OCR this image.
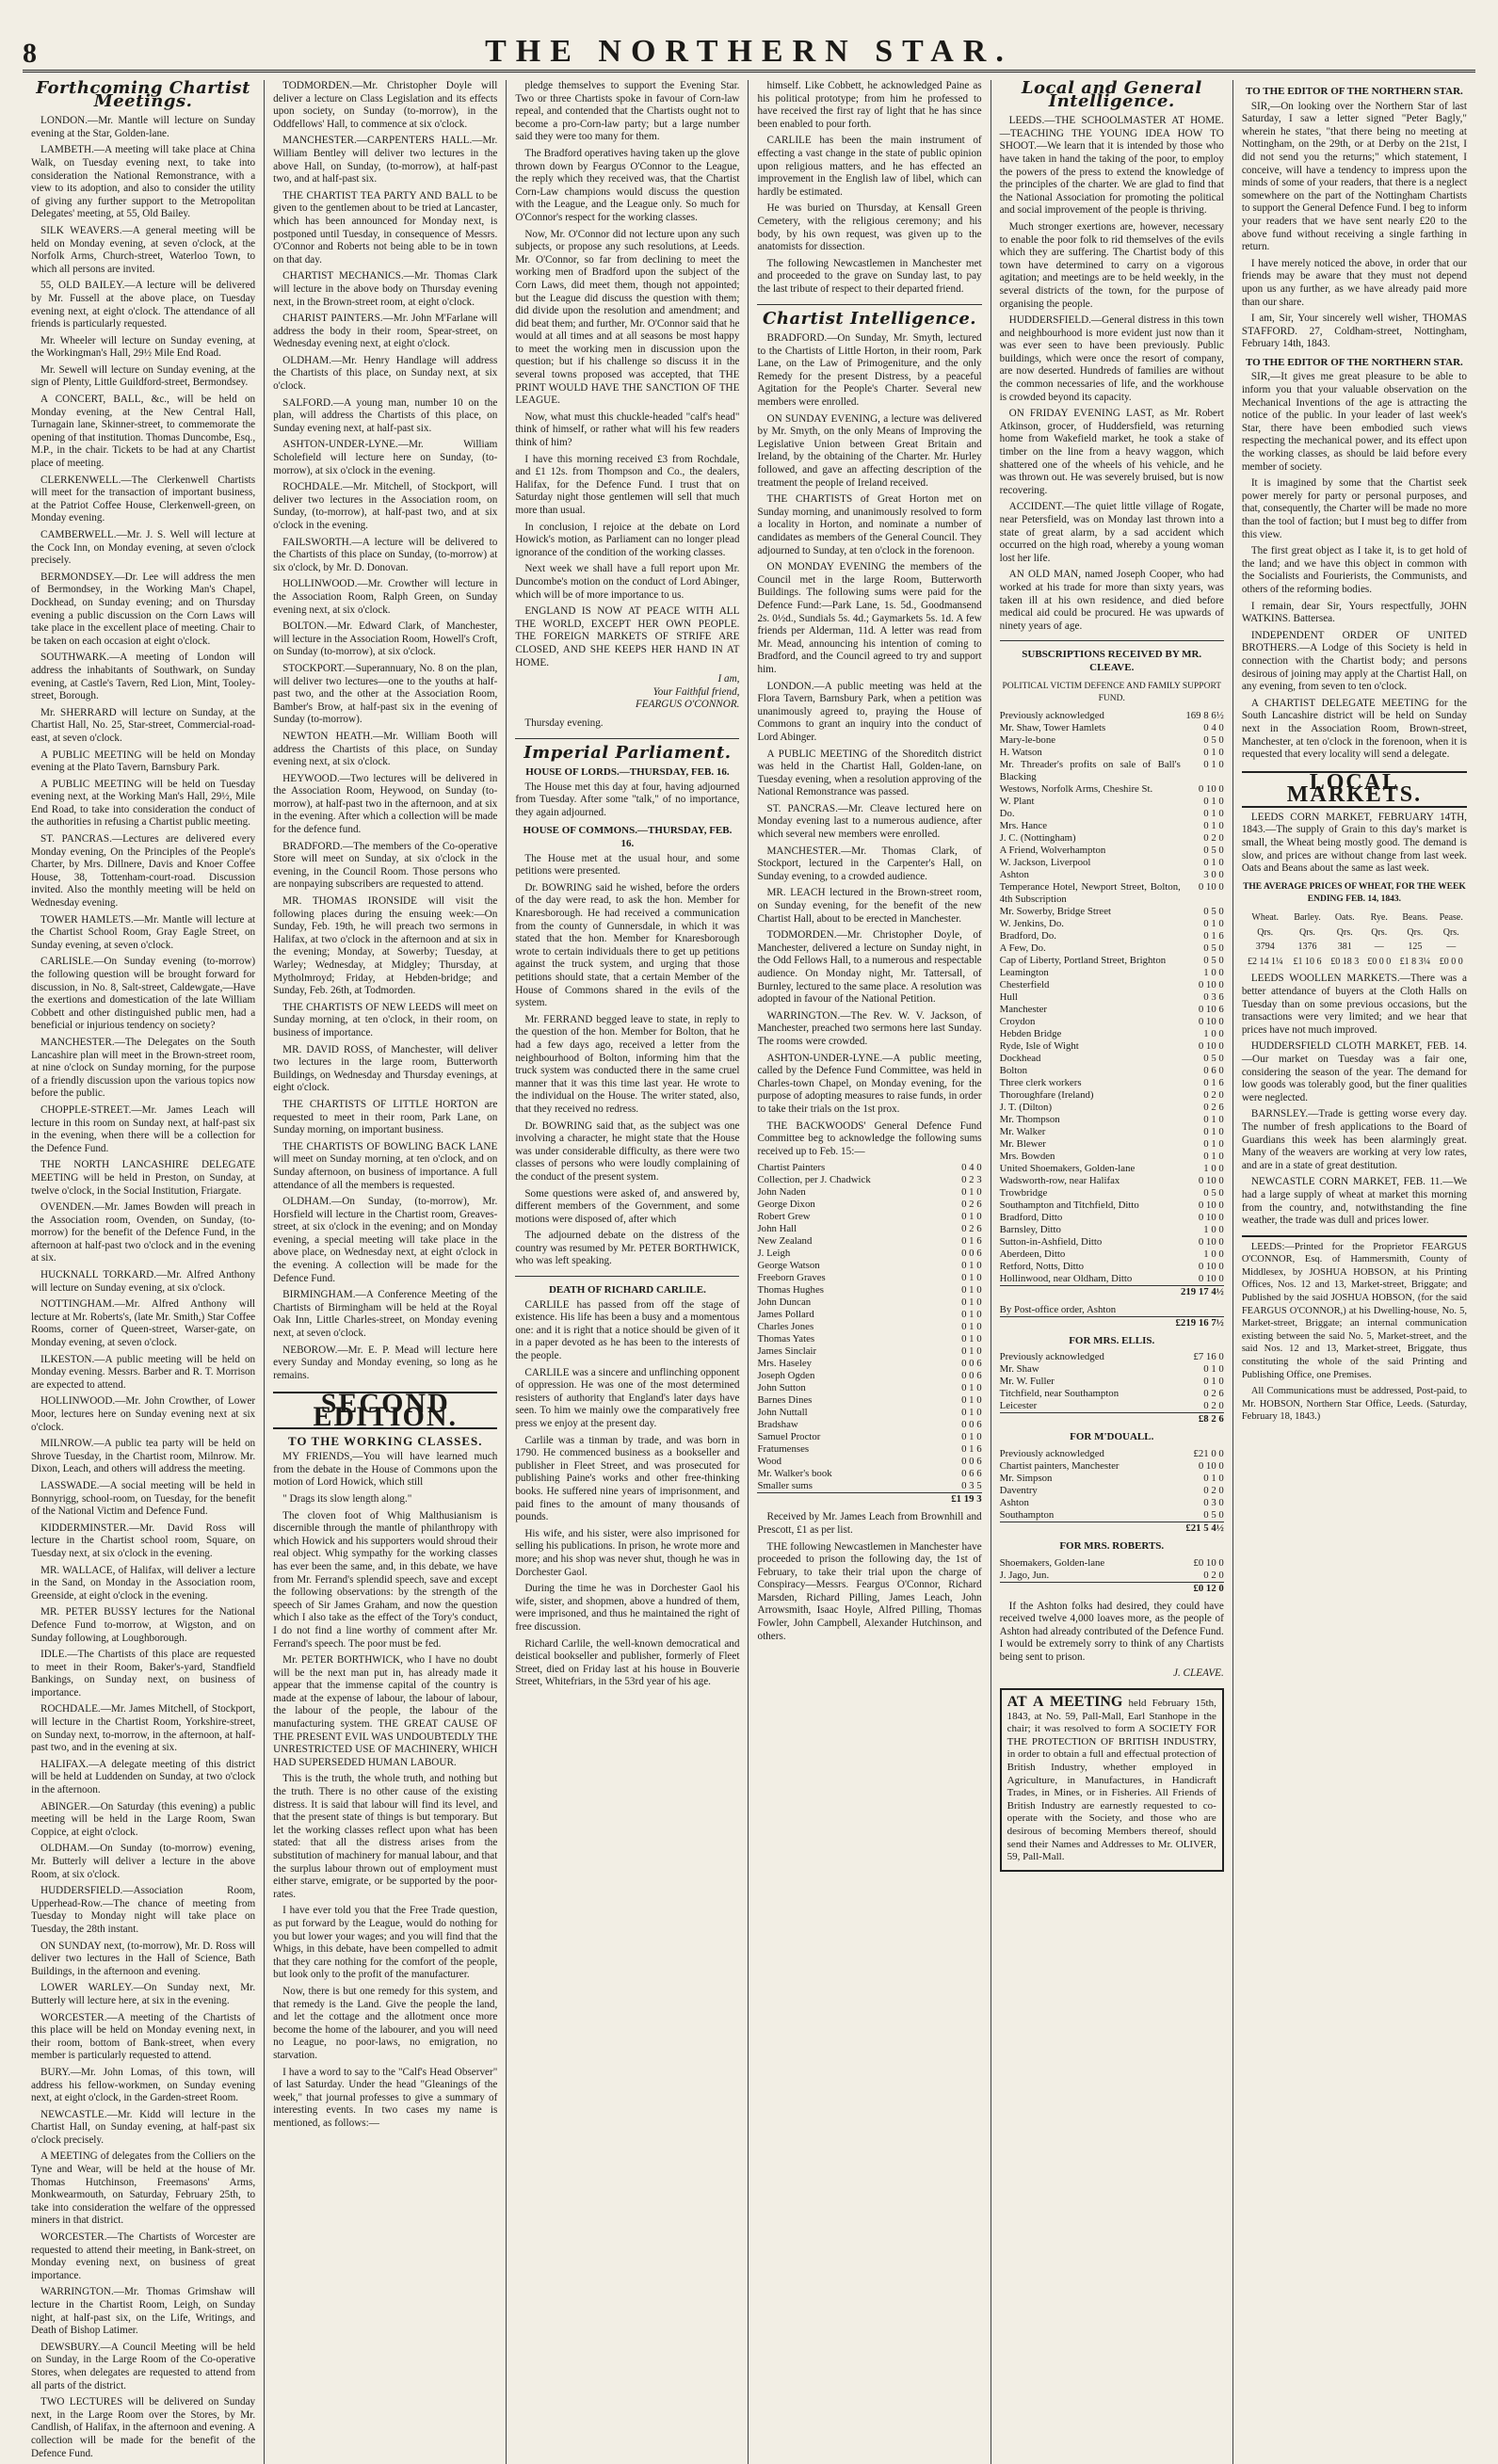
8	THE NORTHERN STAR.
Forthcoming Chartist Meetings.

LONDON.—Mr. Mantle will lecture on Sunday evening at the Star, Golden-lane.

LAMBETH.—A meeting will take place at China Walk, on Tuesday evening next, to take into consideration the National Remonstrance, with a view to its adoption, and also to consider the utility of giving any further support to the Metropolitan Delegates' meeting, at 55, Old Bailey.

SILK WEAVERS.—A general meeting will be held on Monday evening, at seven o'clock, at the Norfolk Arms, Church-street, Waterloo Town, to which all persons are invited.

55, OLD BAILEY.—A lecture will be delivered by Mr. Fussell at the above place, on Tuesday evening next, at eight o'clock. The attendance of all friends is particularly requested.

Mr. Wheeler will lecture on Sunday evening, at the Workingman's Hall, 29½ Mile End Road.

Mr. Sewell will lecture on Sunday evening, at the sign of Plenty, Little Guildford-street, Bermondsey.

A CONCERT, BALL, &c., will be held on Monday evening, at the New Central Hall, Turnagain lane, Skinner-street, to commemorate the opening of that institution. Thomas Duncombe, Esq., M.P., in the chair. Tickets to be had at any Chartist place of meeting.

CLERKENWELL.—The Clerkenwell Chartists will meet for the transaction of important business, at the Patriot Coffee House, Clerkenwell-green, on Monday evening.

CAMBERWELL.—Mr. J. S. Well will lecture at the Cock Inn, on Monday evening, at seven o'clock precisely.

BERMONDSEY.—Dr. Lee will address the men of Bermondsey, in the Working Man's Chapel, Dockhead, on Sunday evening; and on Thursday evening a public discussion on the Corn Laws will take place in the excellent place of meeting. Chair to be taken on each occasion at eight o'clock.

SOUTHWARK.—A meeting of London will address the inhabitants of Southwark, on Sunday evening, at Castle's Tavern, Red Lion, Mint, Tooley-street, Borough.

Mr. SHERRARD will lecture on Sunday, at the Chartist Hall, No. 25, Star-street, Commercial-road-east, at seven o'clock.

A PUBLIC MEETING will be held on Monday evening at the Plato Tavern, Barnsbury Park.

A PUBLIC MEETING will be held on Tuesday evening next, at the Working Man's Hall, 29½, Mile End Road, to take into consideration the conduct of the authorities in refusing a Chartist public meeting.

ST. PANCRAS.—Lectures are delivered every Monday evening, On the Principles of the People's Charter, by Mrs. Dillnere, Davis and Knoer Coffee House, 38, Tottenham-court-road. Discussion invited. Also the monthly meeting will be held on Wednesday evening.

TOWER HAMLETS.—Mr. Mantle will lecture at the Chartist School Room, Gray Eagle Street, on Sunday evening, at seven o'clock.

CARLISLE.—On Sunday evening (to-morrow) the following question will be brought forward for discussion, in No. 8, Salt-street, Caldewgate,—Have the exertions and domestication of the late William Cobbett and other distinguished public men, had a beneficial or injurious tendency on society?

MANCHESTER.—The Delegates on the South Lancashire plan will meet in the Brown-street room, at nine o'clock on Sunday morning, for the purpose of a friendly discussion upon the various topics now before the public.

CHOPPLE-STREET.—Mr. James Leach will lecture in this room on Sunday next, at half-past six in the evening, when there will be a collection for the Defence Fund.

THE NORTH LANCASHIRE DELEGATE MEETING will be held in Preston, on Sunday, at twelve o'clock, in the Social Institution, Friargate.

OVENDEN.—Mr. James Bowden will preach in the Association room, Ovenden, on Sunday, (to-morrow) for the benefit of the Defence Fund, in the afternoon at half-past two o'clock and in the evening at six.

HUCKNALL TORKARD.—Mr. Alfred Anthony will lecture on Sunday evening, at six o'clock.

NOTTINGHAM.—Mr. Alfred Anthony will lecture at Mr. Roberts's, (late Mr. Smith,) Star Coffee Rooms, corner of Queen-street, Warser-gate, on Monday evening, at seven o'clock.

ILKESTON.—A public meeting will be held on Monday evening. Messrs. Barber and R. T. Morrison are expected to attend.

HOLLINWOOD.—Mr. John Crowther, of Lower Moor, lectures here on Sunday evening next at six o'clock.

MILNROW.—A public tea party will be held on Shrove Tuesday, in the Chartist room, Milnrow. Mr. Dixon, Leach, and others will address the meeting.

LASSWADE.—A social meeting will be held in Bonnyrigg, school-room, on Tuesday, for the benefit of the National Victim and Defence Fund.

KIDDERMINSTER.—Mr. David Ross will lecture in the Chartist school room, Square, on Tuesday next, at six o'clock in the evening.

MR. WALLACE, of Halifax, will deliver a lecture in the Sand, on Monday in the Association room, Greenside, at eight o'clock in the evening.

MR. PETER BUSSY lectures for the National Defence Fund to-morrow, at Wigston, and on Sunday following, at Loughborough.

IDLE.—The Chartists of this place are requested to meet in their Room, Baker's-yard, Standfield Bankings, on Sunday next, on business of importance.

ROCHDALE.—Mr. James Mitchell, of Stockport, will lecture in the Chartist Room, Yorkshire-street, on Sunday next, to-morrow, in the afternoon, at half-past two, and in the evening at six.

HALIFAX.—A delegate meeting of this district will be held at Luddenden on Sunday, at two o'clock in the afternoon.

ABINGER.—On Saturday (this evening) a public meeting will be held in the Large Room, Swan Coppice, at eight o'clock.

OLDHAM.—On Sunday (to-morrow) evening, Mr. Butterly will deliver a lecture in the above Room, at six o'clock.

HUDDERSFIELD.—Association Room, Upperhead-Row.—The chance of meeting from Tuesday to Monday night will take place on Tuesday, the 28th instant.

ON SUNDAY next, (to-morrow), Mr. D. Ross will deliver two lectures in the Hall of Science, Bath Buildings, in the afternoon and evening.

LOWER WARLEY.—On Sunday next, Mr. Butterly will lecture here, at six in the evening.

WORCESTER.—A meeting of the Chartists of this place will be held on Monday evening next, in their room, bottom of Bank-street, when every member is particularly requested to attend.

BURY.—Mr. John Lomas, of this town, will address his fellow-workmen, on Sunday evening next, at eight o'clock, in the Garden-street Room.

NEWCASTLE.—Mr. Kidd will lecture in the Chartist Hall, on Sunday evening, at half-past six o'clock precisely.

A MEETING of delegates from the Colliers on the Tyne and Wear, will be held at the house of Mr. Thomas Hutchinson, Freemasons' Arms, Monkwearmouth, on Saturday, February 25th, to take into consideration the welfare of the oppressed miners in that district.

WORCESTER.—The Chartists of Worcester are requested to attend their meeting, in Bank-street, on Monday evening next, on business of great importance.

WARRINGTON.—Mr. Thomas Grimshaw will lecture in the Chartist Room, Leigh, on Sunday night, at half-past six, on the Life, Writings, and Death of Bishop Latimer.

DEWSBURY.—A Council Meeting will be held on Sunday, in the Large Room of the Co-operative Stores, when delegates are requested to attend from all parts of the district.

TWO LECTURES will be delivered on Sunday next, in the Large Room over the Stores, by Mr. Candlish, of Halifax, in the afternoon and evening. A collection will be made for the benefit of the Defence Fund.

TODMORDEN.—Mr. Christopher Doyle will deliver a lecture on Class Legislation and its effects upon society, on Sunday (to-morrow), in the Oddfellows' Hall, to commence at six o'clock.

MANCHESTER.—CARPENTERS HALL.—Mr. William Bentley will deliver two lectures in the above Hall, on Sunday, (to-morrow), at half-past two, and at half-past six.

THE CHARTIST TEA PARTY AND BALL to be given to the gentlemen about to be tried at Lancaster, which has been announced for Monday next, is postponed until Tuesday, in consequence of Messrs. O'Connor and Roberts not being able to be in town on that day.

CHARTIST MECHANICS.—Mr. Thomas Clark will lecture in the above body on Thursday evening next, in the Brown-street room, at eight o'clock.

CHARIST PAINTERS.—Mr. John M'Farlane will address the body in their room, Spear-street, on Wednesday evening next, at eight o'clock.

OLDHAM.—Mr. Henry Handlage will address the Chartists of this place, on Sunday next, at six o'clock.

SALFORD.—A young man, number 10 on the plan, will address the Chartists of this place, on Sunday evening next, at half-past six.

ASHTON-UNDER-LYNE.—Mr. William Scholefield will lecture here on Sunday, (to-morrow), at six o'clock in the evening.

ROCHDALE.—Mr. Mitchell, of Stockport, will deliver two lectures in the Association room, on Sunday, (to-morrow), at half-past two, and at six o'clock in the evening.

FAILSWORTH.—A lecture will be delivered to the Chartists of this place on Sunday, (to-morrow) at six o'clock, by Mr. D. Donovan.

HOLLINWOOD.—Mr. Crowther will lecture in the Association Room, Ralph Green, on Sunday evening next, at six o'clock.

BOLTON.—Mr. Edward Clark, of Manchester, will lecture in the Association Room, Howell's Croft, on Sunday (to-morrow), at six o'clock.

STOCKPORT.—Superannuary, No. 8 on the plan, will deliver two lectures—one to the youths at half-past two, and the other at the Association Room, Bamber's Brow, at half-past six in the evening of Sunday (to-morrow).

NEWTON HEATH.—Mr. William Booth will address the Chartists of this place, on Sunday evening next, at six o'clock.

HEYWOOD.—Two lectures will be delivered in the Association Room, Heywood, on Sunday (to-morrow), at half-past two in the afternoon, and at six in the evening. After which a collection will be made for the defence fund.

BRADFORD.—The members of the Co-operative Store will meet on Sunday, at six o'clock in the evening, in the Council Room. Those persons who are nonpaying subscribers are requested to attend.

MR. THOMAS IRONSIDE will visit the following places during the ensuing week:—On Sunday, Feb. 19th, he will preach two sermons in Halifax, at two o'clock in the afternoon and at six in the evening; Monday, at Sowerby; Tuesday, at Warley; Wednesday, at Midgley; Thursday, at Mytholmroyd; Friday, at Hebden-bridge; and Sunday, Feb. 26th, at Todmorden.

THE CHARTISTS OF NEW LEEDS will meet on Sunday morning, at ten o'clock, in their room, on business of importance.

MR. DAVID ROSS, of Manchester, will deliver two lectures in the large room, Butterworth Buildings, on Wednesday and Thursday evenings, at eight o'clock.

THE CHARTISTS OF LITTLE HORTON are requested to meet in their room, Park Lane, on Sunday morning, on important business.

THE CHARTISTS OF BOWLING BACK LANE will meet on Sunday morning, at ten o'clock, and on Sunday afternoon, on business of importance. A full attendance of all the members is requested.

OLDHAM.—On Sunday, (to-morrow), Mr. Horsfield will lecture in the Chartist room, Greaves-street, at six o'clock in the evening; and on Monday evening, a special meeting will take place in the above place, on Wednesday next, at eight o'clock in the evening. A collection will be made for the Defence Fund.

BIRMINGHAM.—A Conference Meeting of the Chartists of Birmingham will be held at the Royal Oak Inn, Little Charles-street, on Monday evening next, at seven o'clock.

NEBOROW.—Mr. E. P. Mead will lecture here every Sunday and Monday evening, so long as he remains.

SECOND EDITION.
TO THE WORKING CLASSES.

MY FRIENDS,—You will have learned much from the debate in the House of Commons upon the motion of Lord Howick, which still

" Drags its slow length along."

The cloven foot of Whig Malthusianism is discernible through the mantle of philanthropy with which Howick and his supporters would shroud their real object. Whig sympathy for the working classes has ever been the same, and, in this debate, we have from Mr. Ferrand's splendid speech, save and except the following observations: by the strength of the speech of Sir James Graham, and now the question which I also take as the effect of the Tory's conduct, I do not find a line worthy of comment after Mr. Ferrand's speech. The poor must be fed.

Mr. PETER BORTHWICK, who I have no doubt will be the next man put in, has already made it appear that the immense capital of the country is made at the expense of labour, the labour of labour, the labour of the people, the labour of the manufacturing system. THE GREAT CAUSE OF THE PRESENT EVIL WAS UNDOUBTEDLY THE UNRESTRICTED USE OF MACHINERY, WHICH HAD SUPERSEDED HUMAN LABOUR.

This is the truth, the whole truth, and nothing but the truth. There is no other cause of the existing distress. It is said that labour will find its level, and that the present state of things is but temporary. But let the working classes reflect upon what has been stated: that all the distress arises from the substitution of machinery for manual labour, and that the surplus labour thrown out of employment must either starve, emigrate, or be supported by the poor-rates.

I have ever told you that the Free Trade question, as put forward by the League, would do nothing for you but lower your wages; and you will find that the Whigs, in this debate, have been compelled to admit that they care nothing for the comfort of the people, but look only to the profit of the manufacturer.

Now, there is but one remedy for this system, and that remedy is the Land. Give the people the land, and let the cottage and the allotment once more become the home of the labourer, and you will need no League, no poor-laws, no emigration, no starvation.

I have a word to say to the "Calf's Head Observer" of last Saturday. Under the head "Gleanings of the week," that journal professes to give a summary of interesting events. In two cases my name is mentioned, as follows:—

pledge themselves to support the Evening Star. Two or three Chartists spoke in favour of Corn-law repeal, and contended that the Chartists ought not to become a pro-Corn-law party; but a large number said they were too many for them.

The Bradford operatives having taken up the glove thrown down by Feargus O'Connor to the League, the reply which they received was, that the Chartist Corn-Law champions would discuss the question with the League, and the League only. So much for O'Connor's respect for the working classes.

Now, Mr. O'Connor did not lecture upon any such subjects, or propose any such resolutions, at Leeds. Mr. O'Connor, so far from declining to meet the working men of Bradford upon the subject of the Corn Laws, did meet them, though not appointed; but the League did discuss the question with them; did divide upon the resolution and amendment; and did beat them; and further, Mr. O'Connor said that he would at all times and at all seasons be most happy to meet the working men in discussion upon the question; but if his challenge so discuss it in the several towns proposed was accepted, that THE PRINT WOULD HAVE THE SANCTION OF THE LEAGUE.

Now, what must this chuckle-headed "calf's head" think of himself, or rather what will his few readers think of him?

I have this morning received £3 from Rochdale, and £1 12s. from Thompson and Co., the dealers, Halifax, for the Defence Fund. I trust that on Saturday night those gentlemen will sell that much more than usual.

In conclusion, I rejoice at the debate on Lord Howick's motion, as Parliament can no longer plead ignorance of the condition of the working classes.

Next week we shall have a full report upon Mr. Duncombe's motion on the conduct of Lord Abinger, which will be of more importance to us.

ENGLAND IS NOW AT PEACE WITH ALL THE WORLD, EXCEPT HER OWN PEOPLE. THE FOREIGN MARKETS OF STRIFE ARE CLOSED, AND SHE KEEPS HER HAND IN AT HOME.

I am,
Your Faithful friend,
FEARGUS O'CONNOR.

Thursday evening.

Imperial Parliament.
HOUSE OF LORDS.—THURSDAY, FEB. 16.

The House met this day at four, having adjourned from Tuesday. After some "talk," of no importance, they again adjourned.

HOUSE OF COMMONS.—THURSDAY, FEB. 16.

The House met at the usual hour, and some petitions were presented.

Dr. BOWRING said he wished, before the orders of the day were read, to ask the hon. Member for Knaresborough. He had received a communication from the county of Gunnersdale, in which it was stated that the hon. Member for Knaresborough wrote to certain individuals there to get up petitions against the truck system, and urging that those petitions should state, that a certain Member of the House of Commons shared in the evils of the system.

Mr. FERRAND begged leave to state, in reply to the question of the hon. Member for Bolton, that he had a few days ago, received a letter from the neighbourhood of Bolton, informing him that the truck system was conducted there in the same cruel manner that it was this time last year. He wrote to the individual on the House. The writer stated, also, that they received no redress.

Dr. BOWRING said that, as the subject was one involving a character, he might state that the House was under considerable difficulty, as there were two classes of persons who were loudly complaining of the conduct of the present system.

Some questions were asked of, and answered by, different members of the Government, and some motions were disposed of, after which

The adjourned debate on the distress of the country was resumed by Mr. PETER BORTHWICK, who was left speaking.

DEATH OF RICHARD CARLILE.

CARLILE has passed from off the stage of existence. His life has been a busy and a momentous one: and it is right that a notice should be given of it in a paper devoted as he has been to the interests of the people.

CARLILE was a sincere and unflinching opponent of oppression. He was one of the most determined resisters of authority that England's later days have seen. To him we mainly owe the comparatively free press we enjoy at the present day.

Carlile was a tinman by trade, and was born in 1790. He commenced business as a bookseller and publisher in Fleet Street, and was prosecuted for publishing Paine's works and other free-thinking books. He suffered nine years of imprisonment, and paid fines to the amount of many thousands of pounds.

His wife, and his sister, were also imprisoned for selling his publications. In prison, he wrote more and more; and his shop was never shut, though he was in Dorchester Gaol.

During the time he was in Dorchester Gaol his wife, sister, and shopmen, above a hundred of them, were imprisoned, and thus he maintained the right of free discussion.

Richard Carlile, the well-known democratical and deistical bookseller and publisher, formerly of Fleet Street, died on Friday last at his house in Bouverie Street, Whitefriars, in the 53rd year of his age.

himself. Like Cobbett, he acknowledged Paine as his political prototype; from him he professed to have received the first ray of light that he has since been enabled to pour forth.

CARLILE has been the main instrument of effecting a vast change in the state of public opinion upon religious matters, and he has effected an improvement in the English law of libel, which can hardly be estimated.

He was buried on Thursday, at Kensall Green Cemetery, with the religious ceremony; and his body, by his own request, was given up to the anatomists for dissection.

The following Newcastlemen in Manchester met and proceeded to the grave on Sunday last, to pay the last tribute of respect to their departed friend.

Chartist Intelligence.

BRADFORD.—On Sunday, Mr. Smyth, lectured to the Chartists of Little Horton, in their room, Park Lane, on the Law of Primogeniture, and the only Remedy for the present Distress, by a peaceful Agitation for the People's Charter. Several new members were enrolled.

ON SUNDAY EVENING, a lecture was delivered by Mr. Smyth, on the only Means of Improving the Legislative Union between Great Britain and Ireland, by the obtaining of the Charter. Mr. Hurley followed, and gave an affecting description of the treatment the people of Ireland received.

THE CHARTISTS of Great Horton met on Sunday morning, and unanimously resolved to form a locality in Horton, and nominate a number of candidates as members of the General Council. They adjourned to Sunday, at ten o'clock in the forenoon.

ON MONDAY EVENING the members of the Council met in the large Room, Butterworth Buildings. The following sums were paid for the Defence Fund:—Park Lane, 1s. 5d., Goodmansend 2s. 0½d., Sundials 5s. 4d.; Gaymarkets 5s. 1d. A few friends per Alderman, 11d. A letter was read from Mr. Mead, announcing his intention of coming to Bradford, and the Council agreed to try and support him.

LONDON.—A public meeting was held at the Flora Tavern, Barnsbury Park, when a petition was unanimously agreed to, praying the House of Commons to grant an inquiry into the conduct of Lord Abinger.

A PUBLIC MEETING of the Shoreditch district was held in the Chartist Hall, Golden-lane, on Tuesday evening, when a resolution approving of the National Remonstrance was passed.

ST. PANCRAS.—Mr. Cleave lectured here on Monday evening last to a numerous audience, after which several new members were enrolled.

MANCHESTER.—Mr. Thomas Clark, of Stockport, lectured in the Carpenter's Hall, on Sunday evening, to a crowded audience.

MR. LEACH lectured in the Brown-street room, on Sunday evening, for the benefit of the new Chartist Hall, about to be erected in Manchester.

TODMORDEN.—Mr. Christopher Doyle, of Manchester, delivered a lecture on Sunday night, in the Odd Fellows Hall, to a numerous and respectable audience. On Monday night, Mr. Tattersall, of Burnley, lectured to the same place. A resolution was adopted in favour of the National Petition.

WARRINGTON.—The Rev. W. V. Jackson, of Manchester, preached two sermons here last Sunday. The rooms were crowded.

ASHTON-UNDER-LYNE.—A public meeting, called by the Defence Fund Committee, was held in Charles-town Chapel, on Monday evening, for the purpose of adopting measures to raise funds, in order to take their trials on the 1st prox.

THE BACKWOODS' General Defence Fund Committee beg to acknowledge the following sums received up to Feb. 15:—

Chartist Painters	0 4 0
Collection, per J. Chadwick	0 2 3
John Naden	0 1 0
George Dixon	0 2 6
Robert Grew	0 1 0
John Hall	0 2 6
New Zealand	0 1 6
J. Leigh	0 0 6
George Watson	0 1 0
Freeborn Graves	0 1 0
Thomas Hughes	0 1 0
John Duncan	0 1 0
James Pollard	0 1 0
Charles Jones	0 1 0
Thomas Yates	0 1 0
James Sinclair	0 1 0
Mrs. Haseley	0 0 6
Joseph Ogden	0 0 6
John Sutton	0 1 0
Barnes Dines	0 1 0
John Nuttall	0 1 0
Bradshaw	0 0 6
Samuel Proctor	0 1 0
Fratumenses	0 1 6
Wood	0 0 6
Mr. Walker's book	0 6 6
Smaller sums	0 3 5
	£1 19 3

Received by Mr. James Leach from Brownhill and Prescott, £1 as per list.

THE following Newcastlemen in Manchester have proceeded to prison the following day, the 1st of February, to take their trial upon the charge of Conspiracy—Messrs. Feargus O'Connor, Richard Marsden, Richard Pilling, James Leach, John Arrowsmith, Isaac Hoyle, Alfred Pilling, Thomas Fowler, John Campbell, Alexander Hutchinson, and others.

Local and General Intelligence.

LEEDS.—THE SCHOOLMASTER AT HOME.—TEACHING THE YOUNG IDEA HOW TO SHOOT.—We learn that it is intended by those who have taken in hand the taking of the poor, to employ the powers of the press to extend the knowledge of the principles of the charter. We are glad to find that the National Association for promoting the political and social improvement of the people is thriving.

Much stronger exertions are, however, necessary to enable the poor folk to rid themselves of the evils which they are suffering. The Chartist body of this town have determined to carry on a vigorous agitation; and meetings are to be held weekly, in the several districts of the town, for the purpose of organising the people.

HUDDERSFIELD.—General distress in this town and neighbourhood is more evident just now than it was ever seen to have been previously. Public buildings, which were once the resort of company, are now deserted. Hundreds of families are without the common necessaries of life, and the workhouse is crowded beyond its capacity.

ON FRIDAY EVENING LAST, as Mr. Robert Atkinson, grocer, of Huddersfield, was returning home from Wakefield market, he took a stake of timber on the line from a heavy waggon, which shattered one of the wheels of his vehicle, and he was thrown out. He was severely bruised, but is now recovering.

ACCIDENT.—The quiet little village of Rogate, near Petersfield, was on Monday last thrown into a state of great alarm, by a sad accident which occurred on the high road, whereby a young woman lost her life.

AN OLD MAN, named Joseph Cooper, who had worked at his trade for more than sixty years, was taken ill at his own residence, and died before medical aid could be procured. He was upwards of ninety years of age.

SUBSCRIPTIONS RECEIVED BY MR. CLEAVE.
POLITICAL VICTIM DEFENCE AND FAMILY SUPPORT FUND.
Previously acknowledged	169 8 6½
Mr. Shaw, Tower Hamlets	0 4 0
Mary-le-bone	0 5 0
H. Watson	0 1 0
Mr. Threader's profits on sale of Ball's Blacking	0 1 0
Westows, Norfolk Arms, Cheshire St.	0 10 0
W. Plant	0 1 0
Do.	0 1 0
Mrs. Hance	0 1 0
J. C. (Nottingham)	0 2 0
A Friend, Wolverhampton	0 5 0
W. Jackson, Liverpool	0 1 0
Ashton	3 0 0
Temperance Hotel, Newport Street, Bolton, 4th Subscription	0 10 0
Mr. Sowerby, Bridge Street	0 5 0
W. Jenkins, Do.	0 1 0
Bradford, Do.	0 1 6
A Few, Do.	0 5 0
Cap of Liberty, Portland Street, Brighton	0 5 0
Leamington	1 0 0
Chesterfield	0 10 0
Hull	0 3 6
Manchester	0 10 6
Croydon	0 10 0
Hebden Bridge	1 0 0
Ryde, Isle of Wight	0 10 0
Dockhead	0 5 0
Bolton	0 6 0
Three clerk workers	0 1 6
Thoroughfare (Ireland)	0 2 0
J. T. (Dilton)	0 2 6
Mr. Thompson	0 1 0
Mr. Walker	0 1 0
Mr. Blewer	0 1 0
Mrs. Bowden	0 1 0
United Shoemakers, Golden-lane	1 0 0
Wadsworth-row, near Halifax	0 10 0
Trowbridge	0 5 0
Southampton and Titchfield, Ditto	0 10 0
Bradford, Ditto	0 10 0
Barnsley, Ditto	1 0 0
Sutton-in-Ashfield, Ditto	0 10 0
Aberdeen, Ditto	1 0 0
Retford, Notts, Ditto	0 10 0
Hollinwood, near Oldham, Ditto	0 10 0
	219 17 4½
By Post-office order, Ashton	
	£219 16 7½
FOR MRS. ELLIS.
Previously acknowledged	£7 16 0
Mr. Shaw	0 1 0
Mr. W. Fuller	0 1 0
Titchfield, near Southampton	0 2 6
Leicester	0 2 0
	£8 2 6
FOR M'DOUALL.
Previously acknowledged	£21 0 0
Chartist painters, Manchester	0 10 0
Mr. Simpson	0 1 0
Daventry	0 2 0
Ashton	0 3 0
Southampton	0 5 0
	£21 5 4½
FOR MRS. ROBERTS.
Shoemakers, Golden-lane	£0 10 0
J. Jago, Jun.	0 2 0
	£0 12 0

If the Ashton folks had desired, they could have received twelve 4,000 loaves more, as the people of Ashton had already contributed of the Defence Fund. I would be extremely sorry to think of any Chartists being sent to prison.

J. CLEAVE.
AT A MEETING held February 15th, 1843, at No. 59, Pall-Mall, Earl Stanhope in the chair; it was resolved to form A SOCIETY FOR THE PROTECTION OF BRITISH INDUSTRY, in order to obtain a full and effectual protection of British Industry, whether employed in Agriculture, in Manufactures, in Handicraft Trades, in Mines, or in Fisheries. All Friends of British Industry are earnestly requested to co-operate with the Society, and those who are desirous of becoming Members thereof, should send their Names and Addresses to Mr. OLIVER, 59, Pall-Mall.
TO THE EDITOR OF THE NORTHERN STAR.

SIR,—On looking over the Northern Star of last Saturday, I saw a letter signed "Peter Bagly," wherein he states, "that there being no meeting at Nottingham, on the 29th, or at Derby on the 21st, I did not send you the returns;" which statement, I conceive, will have a tendency to impress upon the minds of some of your readers, that there is a neglect somewhere on the part of the Nottingham Chartists to support the General Defence Fund. I beg to inform your readers that we have sent nearly £20 to the above fund without receiving a single farthing in return.

I have merely noticed the above, in order that our friends may be aware that they must not depend upon us any further, as we have already paid more than our share.

I am, Sir, Your sincerely well wisher, THOMAS STAFFORD. 27, Coldham-street, Nottingham, February 14th, 1843.

TO THE EDITOR OF THE NORTHERN STAR.

SIR,—It gives me great pleasure to be able to inform you that your valuable observation on the Mechanical Inventions of the age is attracting the notice of the public. In your leader of last week's Star, there have been embodied such views respecting the mechanical power, and its effect upon the working classes, as should be laid before every member of society.

It is imagined by some that the Chartist seek power merely for party or personal purposes, and that, consequently, the Charter will be made no more than the tool of faction; but I must beg to differ from this view.

The first great object as I take it, is to get hold of the land; and we have this object in common with the Socialists and Fourierists, the Communists, and others of the reforming bodies.

I remain, dear Sir, Yours respectfully, JOHN WATKINS. Battersea.

INDEPENDENT ORDER OF UNITED BROTHERS.—A Lodge of this Society is held in connection with the Chartist body; and persons desirous of joining may apply at the Chartist Hall, on any evening, from seven to ten o'clock.

A CHARTIST DELEGATE MEETING for the South Lancashire district will be held on Sunday next in the Association Room, Brown-street, Manchester, at ten o'clock in the forenoon, when it is requested that every locality will send a delegate.

LOCAL MARKETS.

LEEDS CORN MARKET, FEBRUARY 14TH, 1843.—The supply of Grain to this day's market is small, the Wheat being mostly good. The demand is slow, and prices are without change from last week. Oats and Beans about the same as last week.

THE AVERAGE PRICES OF WHEAT, FOR THE WEEK ENDING FEB. 14, 1843.
Wheat.	Barley.	Oats.	Rye.	Beans.	Pease.
Qrs.	Qrs.	Qrs.	Qrs.	Qrs.	Qrs.
3794	1376	381	—	125	—
£2 14 1¼	£1 10 6	£0 18 3	£0 0 0	£1 8 3¼	£0 0 0

LEEDS WOOLLEN MARKETS.—There was a better attendance of buyers at the Cloth Halls on Tuesday than on some previous occasions, but the transactions were very limited; and we hear that prices have not much improved.

HUDDERSFIELD CLOTH MARKET, FEB. 14.—Our market on Tuesday was a fair one, considering the season of the year. The demand for low goods was tolerably good, but the finer qualities were neglected.

BARNSLEY.—Trade is getting worse every day. The number of fresh applications to the Board of Guardians this week has been alarmingly great. Many of the weavers are working at very low rates, and are in a state of great destitution.

NEWCASTLE CORN MARKET, FEB. 11.—We had a large supply of wheat at market this morning from the country, and, notwithstanding the fine weather, the trade was dull and prices lower.

LEEDS:—Printed for the Proprietor FEARGUS O'CONNOR, Esq. of Hammersmith, County of Middlesex, by JOSHUA HOBSON, at his Printing Offices, Nos. 12 and 13, Market-street, Briggate; and Published by the said JOSHUA HOBSON, (for the said FEARGUS O'CONNOR,) at his Dwelling-house, No. 5, Market-street, Briggate; an internal communication existing between the said No. 5, Market-street, and the said Nos. 12 and 13, Market-street, Briggate, thus constituting the whole of the said Printing and Publishing Office, one Premises.

All Communications must be addressed, Post-paid, to Mr. HOBSON, Northern Star Office, Leeds. (Saturday, February 18, 1843.)
